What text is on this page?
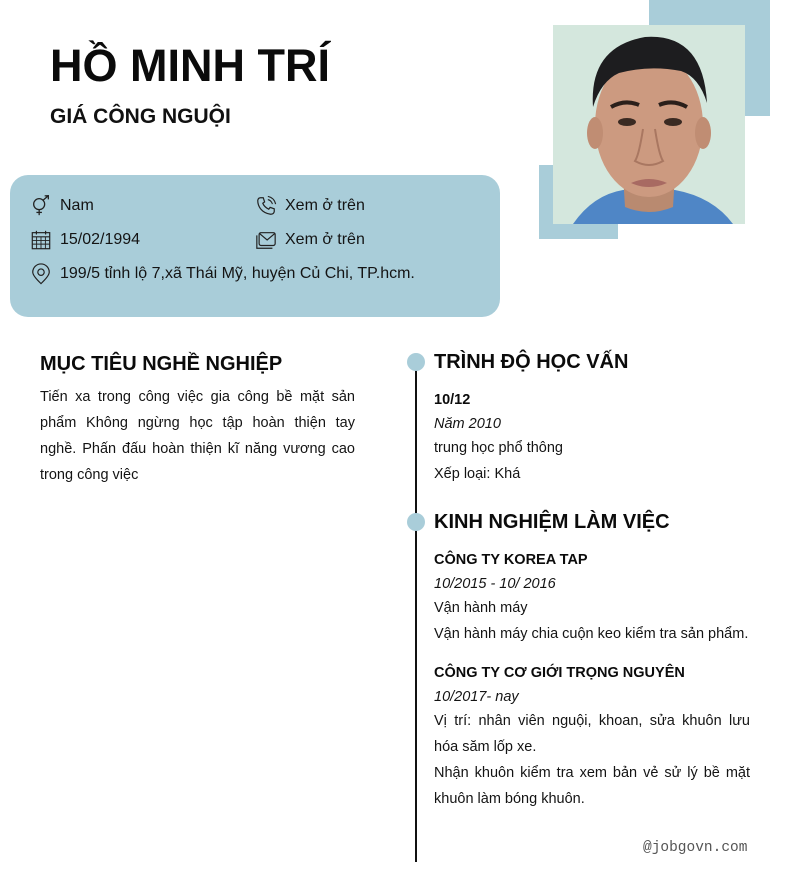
HỒ MINH TRÍ
GIÁ CÔNG NGUỘI
Nam	Xem ở trên
15/02/1994	Xem ở trên
199/5 tỉnh lộ 7,xã Thái Mỹ, huyện Củ Chi, TP.hcm.
MỤC TIÊU NGHỀ NGHIỆP
Tiến xa trong công việc gia công bề mặt sản phẩm Không ngừng học tập hoàn thiện tay nghề. Phấn đấu hoàn thiện kĩ năng vương cao trong công việc
TRÌNH ĐỘ HỌC VẤN
10/12
Năm 2010
trung học phổ thông
Xếp loại: Khá
KINH NGHIỆM LÀM VIỆC
CÔNG TY KOREA TAP
10/2015 - 10/ 2016
Vận hành máy
Vận hành máy chia cuộn keo kiểm tra sản phẩm.
CÔNG TY CƠ GIỚI TRỌNG NGUYÊN
10/2017- nay
Vị trí: nhân viên nguội, khoan, sửa khuôn lưu hóa săm lốp xe.
Nhận khuôn kiểm tra xem bản vẻ sử lý bề mặt khuôn làm bóng khuôn.
@jobgovn.com
